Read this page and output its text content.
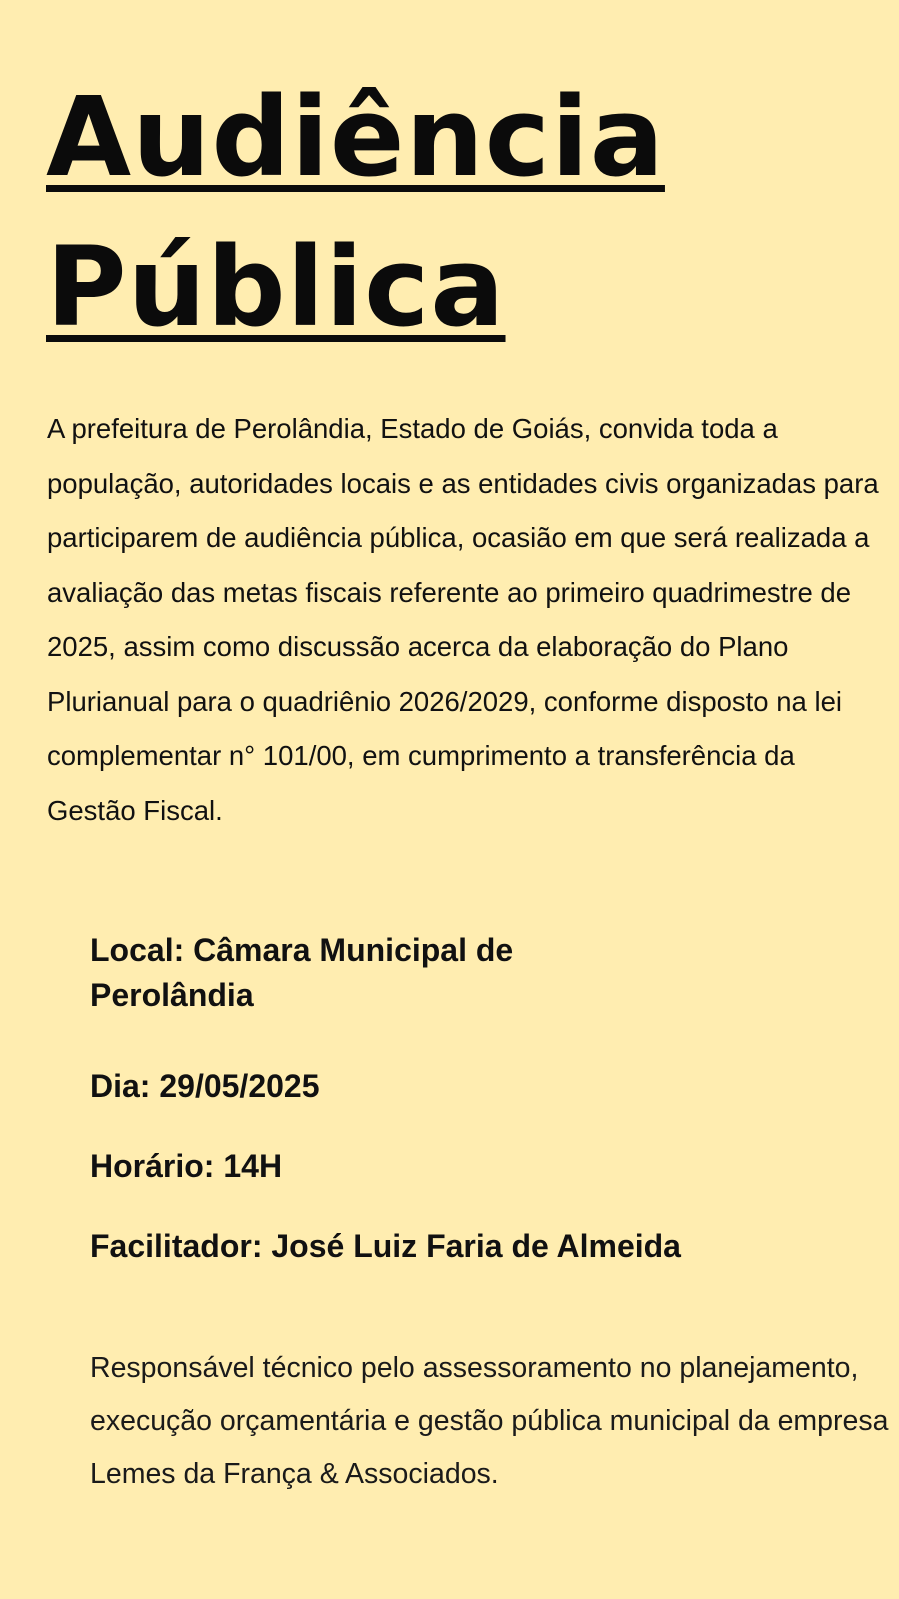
Audiência
Pública

A prefeitura de Perolândia, Estado de Goiás, convida toda a população, autoridades locais e as entidades civis organizadas para participarem de audiência pública, ocasião em que será realizada a avaliação das metas fiscais referente ao primeiro quadrimestre de 2025, assim como discussão acerca da elaboração do Plano Plurianual para o quadriênio 2026/2029, conforme disposto na lei complementar n° 101/00, em cumprimento a transferência da Gestão Fiscal.

Local: Câmara Municipal de Perolândia

Dia: 29/05/2025

Horário: 14H

Facilitador: José Luiz Faria de Almeida

Responsável técnico pelo assessoramento no planejamento, execução orçamentária e gestão pública municipal da empresa Lemes da França & Associados.
